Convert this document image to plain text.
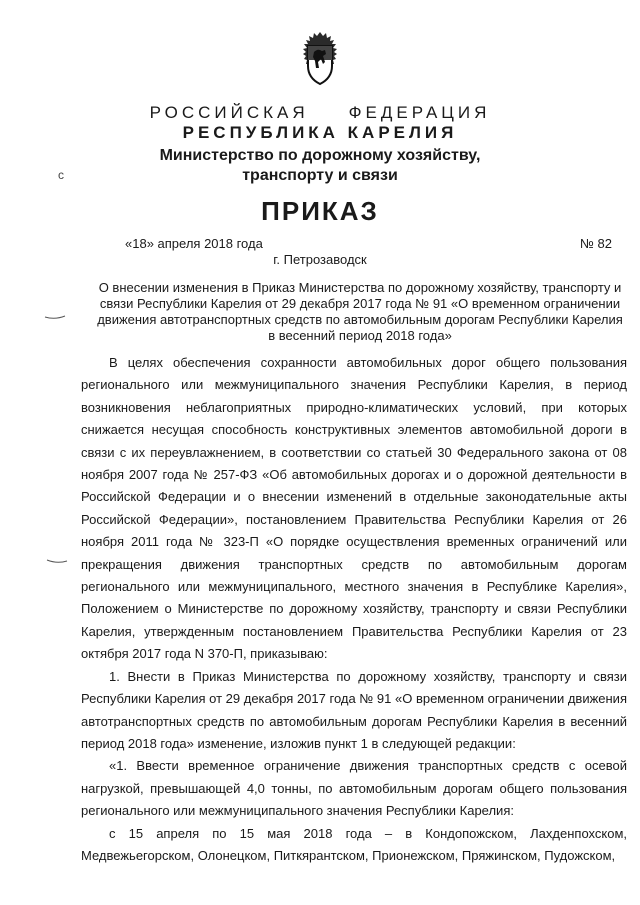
РОССИЙСКАЯ ФЕДЕРАЦИЯ
РЕСПУБЛИКА КАРЕЛИЯ
Министерство по дорожному хозяйству,
транспорту и связи
ПРИКАЗ
«18» апреля 2018 года	№ 82
г. Петрозаводск
О внесении изменения в Приказ Министерства по дорожному хозяйству, транспорту и связи Республики Карелия от 29 декабря 2017 года № 91 «О временном ограничении движения автотранспортных средств по автомобильным дорогам Республики Карелия в весенний период 2018 года»

В целях обеспечения сохранности автомобильных дорог общего пользования регионального или межмуниципального значения Республики Карелия, в период возникновения неблагоприятных природно-климатических условий, при которых снижается несущая способность конструктивных элементов автомобильной дороги в связи с их переувлажнением, в соответствии со статьей 30 Федерального закона от 08 ноября 2007 года № 257-ФЗ «Об автомобильных дорогах и о дорожной деятельности в Российской Федерации и о внесении изменений в отдельные законодательные акты Российской Федерации», постановлением Правительства Республики Карелия от 26 ноября 2011 года № 323-П «О порядке осуществления временных ограничений или прекращения движения транспортных средств по автомобильным дорогам регионального или межмуниципального, местного значения в Республике Карелия», Положением о Министерстве по дорожному хозяйству, транспорту и связи Республики Карелия, утвержденным постановлением Правительства Республики Карелия от 23 октября 2017 года N 370-П, приказываю:

1. Внести в Приказ Министерства по дорожному хозяйству, транспорту и связи Республики Карелия от 29 декабря 2017 года № 91 «О временном ограничении движения автотранспортных средств по автомобильным дорогам Республики Карелия в весенний период 2018 года» изменение, изложив пункт 1 в следующей редакции:

«1. Ввести временное ограничение движения транспортных средств с осевой нагрузкой, превышающей 4,0 тонны, по автомобильным дорогам общего пользования регионального или межмуниципального значения Республики Карелия:

с 15 апреля по 15 мая 2018 года – в Кондопожском, Лахденпохском, Медвежьегорском, Олонецком, Питкярантском, Прионежском, Пряжинском, Пудожском,

с
